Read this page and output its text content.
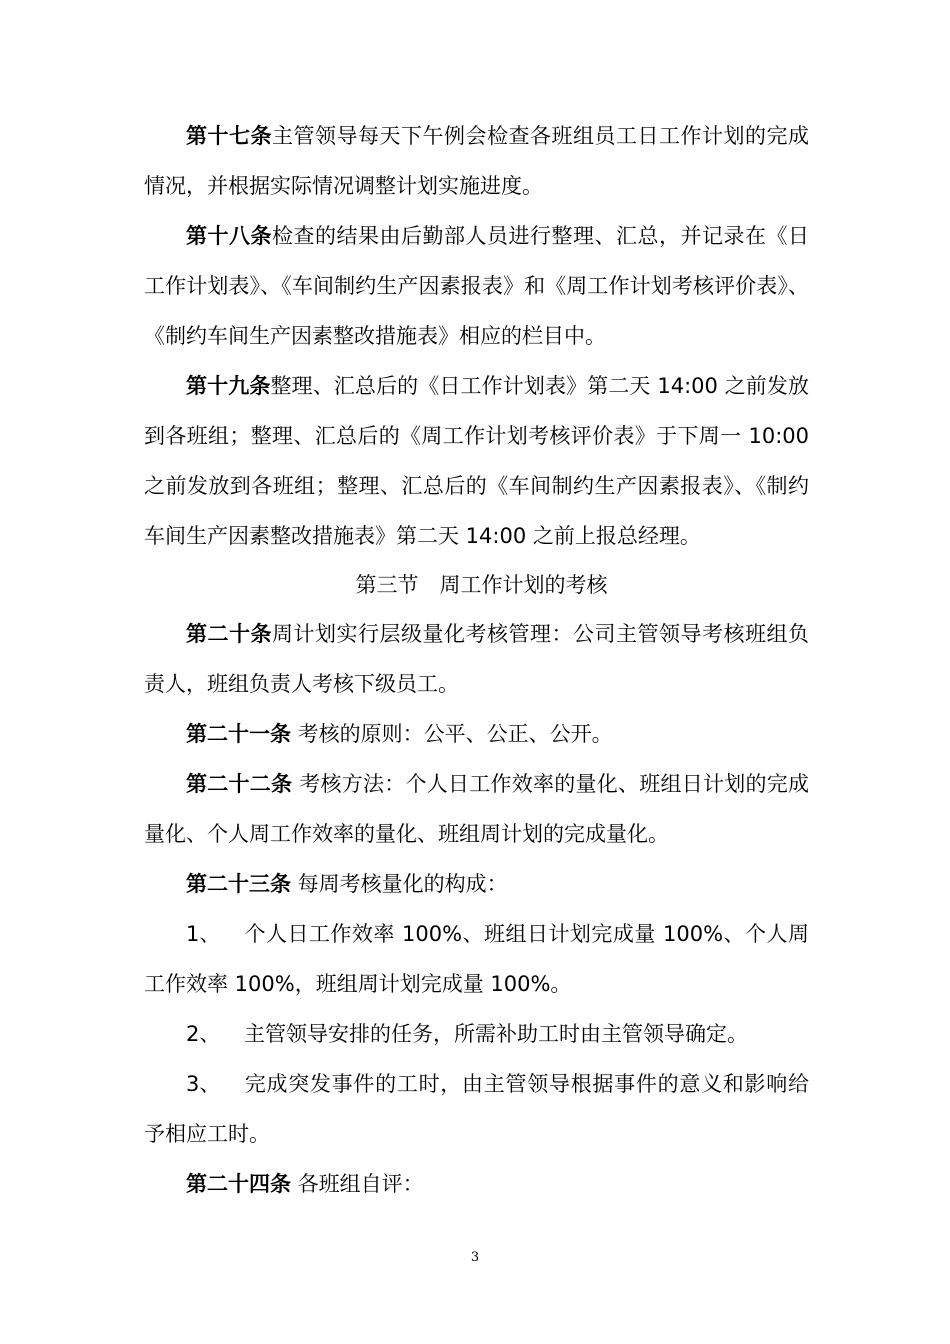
第十七条主管领导每天下午例会检查各班组员工日工作计划的完成情况，并根据实际情况调整计划实施进度。

第十八条检查的结果由后勤部人员进行整理、汇总，并记录在《日工作计划表》、《车间制约生产因素报表》和《周工作计划考核评价表》、《制约车间生产因素整改措施表》相应的栏目中。

第十九条整理、汇总后的《日工作计划表》第二天 14:00 之前发放到各班组；整理、汇总后的《周工作计划考核评价表》于下周一 10:00 之前发放到各班组；整理、汇总后的《车间制约生产因素报表》、《制约车间生产因素整改措施表》第二天 14:00 之前上报总经理。

第三节　周工作计划的考核

第二十条周计划实行层级量化考核管理：公司主管领导考核班组负责人，班组负责人考核下级员工。

第二十一条 考核的原则：公平、公正、公开。

第二十二条 考核方法：个人日工作效率的量化、班组日计划的完成量化、个人周工作效率的量化、班组周计划的完成量化。

第二十三条 每周考核量化的构成：

1、 个人日工作效率 100%、班组日计划完成量 100%、个人周工作效率 100%，班组周计划完成量 100%。

2、 主管领导安排的任务，所需补助工时由主管领导确定。

3、 完成突发事件的工时，由主管领导根据事件的意义和影响给予相应工时。

第二十四条 各班组自评：

3
